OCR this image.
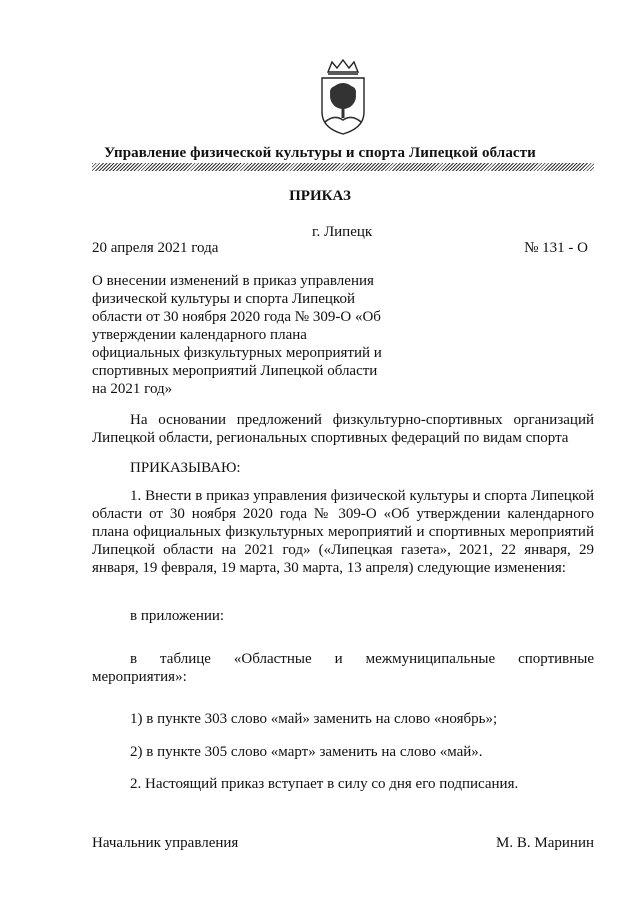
Управление физической культуры и спорта Липецкой области
ПРИКАЗ
г. Липецк
20 апреля 2021 года	№ 131 - О
О внесении изменений в приказ управления физической культуры и спорта Липецкой области от 30 ноября 2020 года № 309-О «Об утверждении календарного плана официальных физкультурных мероприятий и спортивных мероприятий Липецкой области на 2021 год»
На основании предложений физкультурно-спортивных организаций Липецкой области, региональных спортивных федераций по видам спорта
ПРИКАЗЫВАЮ:
1. Внести в приказ управления физической культуры и спорта Липецкой области от 30 ноября 2020 года № 309-О «Об утверждении календарного плана официальных физкультурных мероприятий и спортивных мероприятий Липецкой области на 2021 год» («Липецкая газета», 2021, 22 января, 29 января, 19 февраля, 19 марта, 30 марта, 13 апреля) следующие изменения:
в приложении:
в таблице «Областные и межмуниципальные спортивные мероприятия»:
1) в пункте 303 слово «май» заменить на слово «ноябрь»;
2) в пункте 305 слово «март» заменить на слово «май».
2. Настоящий приказ вступает в силу со дня его подписания.
Начальник управления	М. В. Маринин
